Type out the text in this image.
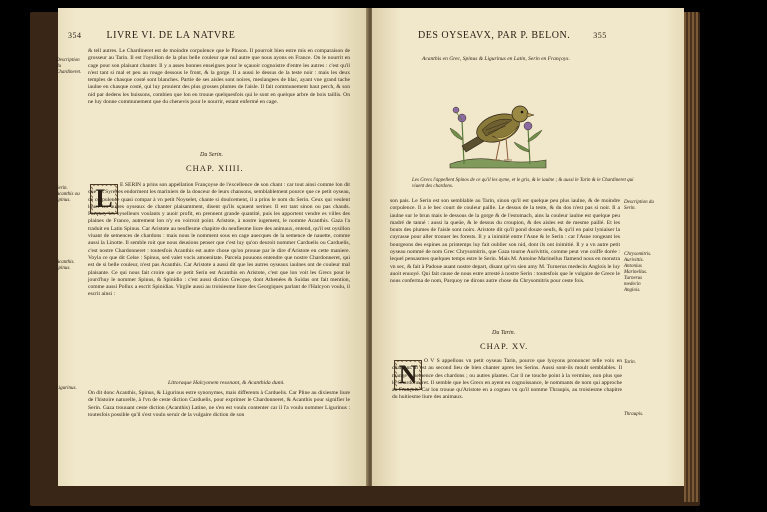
354	LIVRE VI. DE LA NATVRE
Description du Chardineret.

& tell autres. Le Chardineret est de moindre corpulence que le Pinson. Il pourroit bien estre mis en comparaison de grosseur au Tarin. Il est l'oysillon de la plus belle couleur que nul autre que nous ayons en France. On le nourrit en cage pour son plaisant chanter. Il y a asses bonnes enseignes pour le sçauoir cognoistre d'entre les autres : c'est qu'il n'est tant si mal et peu au rouge dessous le front, & la gorge. Il a aussi le dessus de la teste noir : mais les deux temples de chasque costé sont blanches. Partie de ses aisles sont noires, meslangees de blac, ayant vne grand tache iaulne en chasque costé, qui luy prouient des plus grosses plumes de l'aisle. Il fait communement haut perch, & son nid par dedens les buissons, combien que lon en trouue quelquesfois qui le sont en quelque arbre de bois taillis. On ne luy donne communement que du chenevis pour le nourrir, estant enfermé en cage.

Du Serin.
CHAP. XIIII.
Serin. Acanthis ou Spinus.
Acanthis. Spinus.
Ligurinus.
L	E SERIN a prins son appellation Françoyse de l'excellence de son chant : car tout ainsi comme lon dit que les Syrenes endorment les mariniers de la douceur de leurs chansons, semblablement pource que ce petit oyseau, de corpulence quasi compar à vn petit Noyselet, chante si doulcement, il a prins le nom du Serin. Ceux qui veulent louer les autres oyseaux de chanter plaisamment, disent qu'ils sçauent seriner. Il est tant sinon ou pas chauds. Parquoy les oyselleurs voulants y auoir profit, en prennent grande quantité, puis les apportent vendre es villes des plaines de France, autrement lon n'y en voirroit point. Aristote, à nostre iugement, le nomme Acanthis. Gaza l'a traduit en Latin Spinus. Car Aristote au neuflesme chapitre du neufiesme liure des animaux, entend, qu'il est oysillon viuant de semences de chardons : mais nous le nomment sous en cage auecques de la semence de nauette, comme aussi la Linotte. Il semble roit que nous deusions penser que c'est luy qu'on deuroit nommer Carduelis ou Carduelis, c'est nostre Chardonneret : toutesfois Acanthis est autre chose qu'on prouue par le dire d'Aristote en cette maniere. Voyla ce que dit Celse : Spinus, sed valet vocis amoenitate. Parcela pouuons entendre que nostre Chardonneret, qui est de si belle couleur, n'est pas Acanthis. Car Aristote a aussi dit que les autres oyseaux iaulnes ont de couleur mal plaisante. Ce qui nous fait croire que ce petit Serin est Acanthis en Aristote, c'est que lon voit les Grecs pour le jourd'huy le nommer Spinus, & Spinidio : c'est aussi diction Grecque, dont Athenées & Suidas ont fait mention, comme aussi Pollux a escrit Spinidias. Virgile aussi au troisiesme liure des Georgiques parlant de l'Halcyon voulu, il escrit ainsi :

Littoraque Halcyonem resonant, & Acanthida dumi.

On dit donc Acanthis, Spinus, & Ligurinus estre synonymes, mais differents à Carduelis. Car Pline au dixiesme liure de l'histoire naturelle, à l'vn de ceste diction Carduelis, pour exprimer le Chardonneret, & Acanthis pour signifier le Serin. Gaza trouuant ceste diction (Acanthis) Latine, ne s'en est voulu contenter car il l'a voulu nommer Ligurinus : toutesfois possible qu'il s'est voulu seruir de la vulgaire diction de son

DES OYSEAVX, PAR P. BELON.	355
Acanthis en Grec, Spinus & Ligurinus en Latin, Serin en Françoys.
Les Grecs l'appellent Spinos de ce qu'il les ayme, et le gris, & le iaulne ; & aussi le Tarin & le Chardineret qui viuent des chardons.

son pais. Le Serin est son semblable au Tarin, sinon qu'il est quelque peu plus iaulne, & de moindre corpulence. Il a le bec court de couleur paille. Le dessus de la teste, & du dos n'est pas si noir. Il a iaulne sur le brun mais le dessous de la gorge & de l'estomach, ains la couleur iaulne est quelque peu madré de tanné : aussi la queüe, & le dessus du croupion, & des aisles est de mesme paillé. Et les bouts des plumes de l'aisle sont noirs. Aristote dit qu'il pond douze oeufs, & qu'il en paist lyniaiser la cuyrasse pour aller trouuer les forests. Il y a inimitié entre l'Asne & le Serin : car l'Asne rongeant les bourgeons des espines au printemps luy fait oublier son nid, dont ils ont inimitié. Il y a vn autre petit oyseau nommé de nom Grec Chrysomitris, que Gaza tourne Aurivittis, comme peut vne coiffe dorée : lequel pensasmes quelques temps estre le Serin. Mais M. Antoine Marinellus flamend nous en monstra vn sec, & fait à Padoue auant nostre depart, disant qu'vn sien amy M. Turnerus medecin Anglois le luy auoit enuoyé. Qui fait cause de nous estre arresté à nostre Serin : toutesfois que le vulgaire de Grece le nous conferma de nom, Parquoy ne dirons autre chose du Chrysomitris pour ceste fois.

Description du Serin.
Chrysomitris. Aurivittis. Antonius Marinellus. Turnerus medecin Anglois.
Du Tarin.
CHAP. XV.
N	O V S appellons vn petit oyseau Tarin, pource que lyoyons prononcer telle voix en chantant. Il est au second lieu de bien chanter apres les Serins. Aussi sont-ils moult semblables. Il mange la semence des chardons ; ou autres plantes. Car il ne touche point à la vermine, non plus que le Chardonneret. Il semble que les Grecs en ayent eu cognoissance, le nommants de nom qui approche au François. Car lon trouue qu'Aristote en a cogneu vn qu'il nomme Thraupis, au troisiesme chapitre du huitiesme liure des animaux.

Tarin.
Thraupis.
